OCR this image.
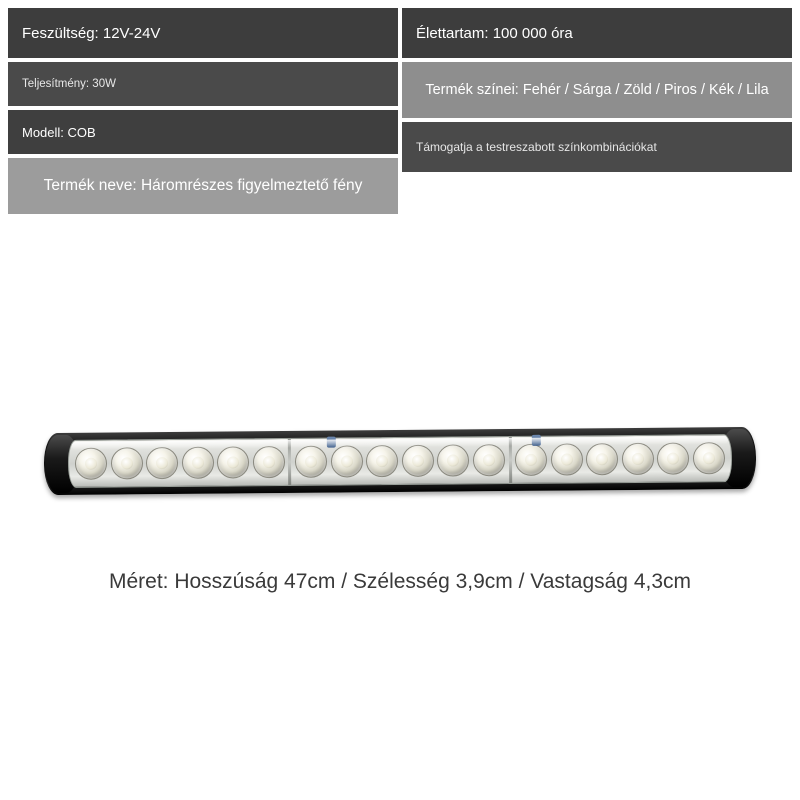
Feszültség: 12V-24V
Teljesítmény: 30W
Modell: COB
Termék neve: Háromrészes figyelmeztető fény
Élettartam: 100 000 óra
Termék színei: Fehér / Sárga / Zöld / Piros / Kék / Lila
Támogatja a testreszabott színkombinációkat
Méret: Hosszúság 47cm / Szélesség 3,9cm / Vastagság 4,3cm
